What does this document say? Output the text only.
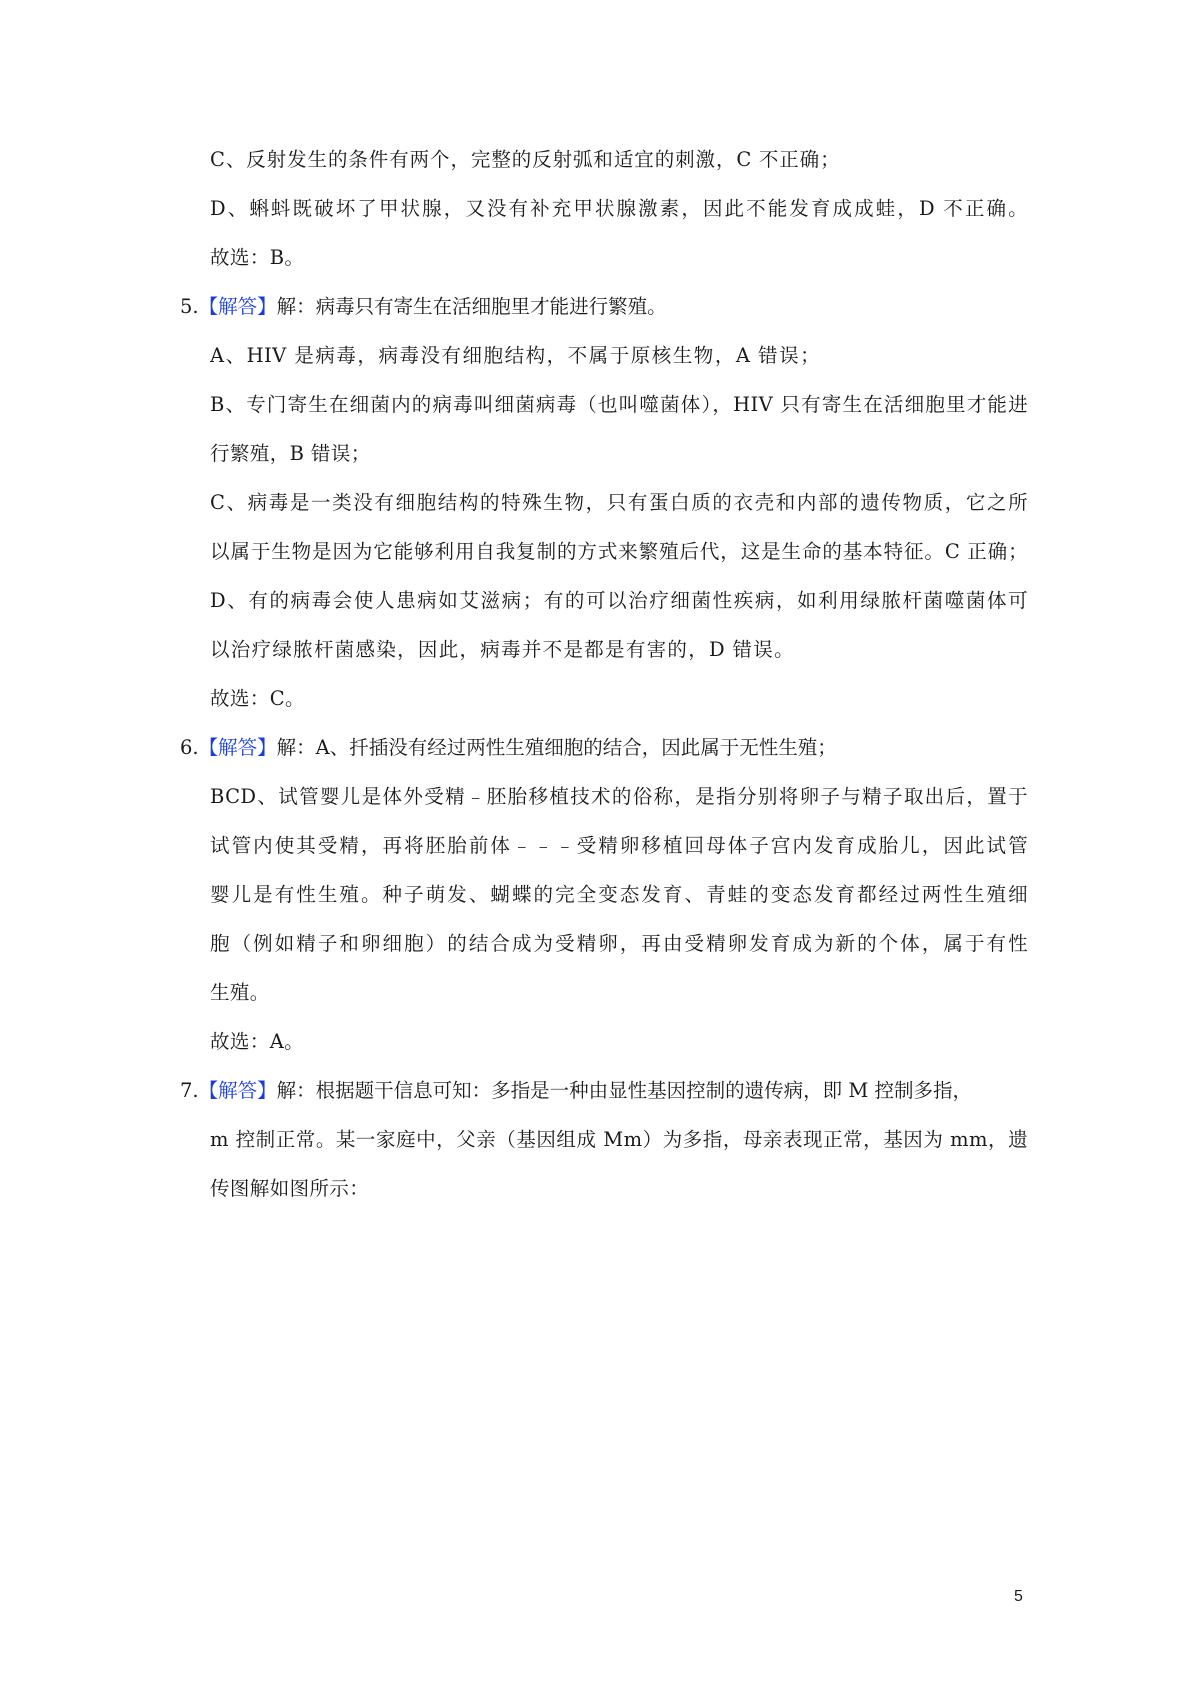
C、反射发生的条件有两个，完整的反射弧和适宜的刺激，C 不正确；
D、蝌蚪既破坏了甲状腺，又没有补充甲状腺激素，因此不能发育成成蛙，D 不正确。
故选：B。
5.【解答】解：病毒只有寄生在活细胞里才能进行繁殖。
A、HIV 是病毒，病毒没有细胞结构，不属于原核生物，A 错误；
B、专门寄生在细菌内的病毒叫细菌病毒（也叫噬菌体），HIV 只有寄生在活细胞里才能进
行繁殖，B 错误；
C、病毒是一类没有细胞结构的特殊生物，只有蛋白质的衣壳和内部的遗传物质，它之所
以属于生物是因为它能够利用自我复制的方式来繁殖后代，这是生命的基本特征。C 正确；
D、有的病毒会使人患病如艾滋病；有的可以治疗细菌性疾病，如利用绿脓杆菌噬菌体可
以治疗绿脓杆菌感染，因此，病毒并不是都是有害的，D 错误。
故选：C。
6.【解答】解：A、扦插没有经过两性生殖细胞的结合，因此属于无性生殖；
BCD、试管婴儿是体外受精﹣胚胎移植技术的俗称，是指分别将卵子与精子取出后，置于
试管内使其受精，再将胚胎前体﹣﹣﹣受精卵移植回母体子宫内发育成胎儿，因此试管
婴儿是有性生殖。种子萌发、蝴蝶的完全变态发育、青蛙的变态发育都经过两性生殖细
胞（例如精子和卵细胞）的结合成为受精卵，再由受精卵发育成为新的个体，属于有性
生殖。
故选：A。
7.【解答】解：根据题干信息可知：多指是一种由显性基因控制的遗传病，即 M 控制多指，
m 控制正常。某一家庭中，父亲（基因组成 Mm）为多指，母亲表现正常，基因为 mm，遗
传图解如图所示：
5
